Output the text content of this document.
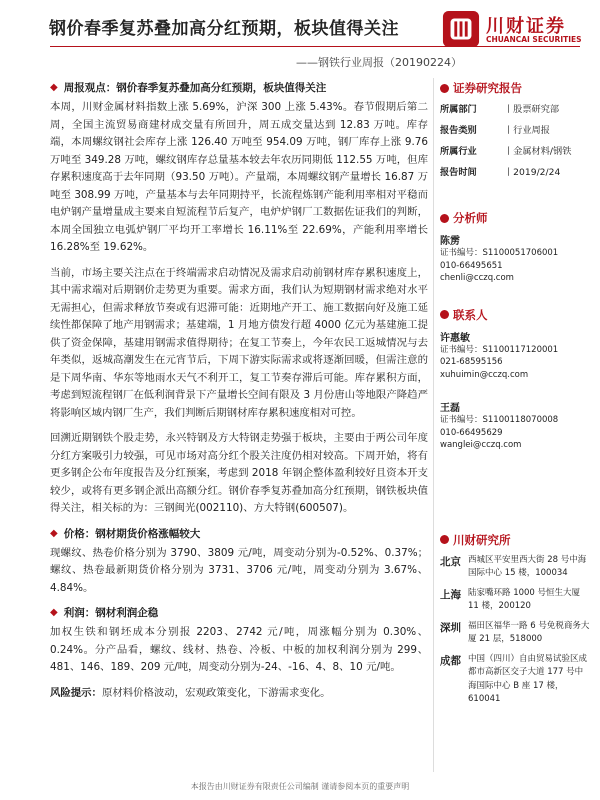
钢价春季复苏叠加高分红预期，板块值得关注
——钢铁行业周报（20190224）
川财证券
CHUANCAI SECURITIES
◆ 周报观点：钢价春季复苏叠加高分红预期，板块值得关注

本周，川财金属材料指数上涨 5.69%，沪深 300 上涨 5.43%。春节假期后第二周，全国主流贸易商建材成交量有所回升，周五成交量达到 12.83 万吨。库存端，本周螺纹钢社会库存上涨 126.40 万吨至 954.09 万吨，钢厂库存上涨 9.76 万吨至 349.28 万吨，螺纹钢库存总量基本较去年农历同期低 112.55 万吨，但库存累积速度高于去年同期（93.50 万吨）。产量端，本周螺纹钢产量增长 16.87 万吨至 308.99 万吨，产量基本与去年同期持平，长流程炼钢产能利用率相对平稳而电炉钢产量增量成主要来自短流程节后复产，电炉炉钢厂工数据佐证我们的判断，本周全国独立电弧炉钢厂平均开工率增长 16.11%至 22.69%，产能利用率增长 16.28%至 19.62%。

当前，市场主要关注点在于终端需求启动情况及需求启动前钢材库存累积速度上，其中需求端对后期钢价走势更为重要。需求方面，我们认为短期钢材需求绝对水平无需担心，但需求释放节奏或有迟滞可能：近期地产开工、施工数据向好及施工延续性都保障了地产用钢需求；基建端，1 月地方债发行超 4000 亿元为基建施工提供了资金保障，基建用钢需求值得期待；在复工节奏上，今年农民工返城情况与去年类似，返城高潮发生在元宵节后，下周下游实际需求或将逐渐回暖，但需注意的是下周华南、华东等地雨水天气不利开工，复工节奏存滞后可能。库存累积方面，考虑到短流程钢厂在低利润背景下产量增长空间有限及 3 月份唐山等地限产降趋严将影响区域内钢厂生产，我们判断后期钢材库存累积速度相对可控。

回溯近期钢铁个股走势，永兴特钢及方大特钢走势强于板块，主要由于两公司年度分红方案吸引力较强，可见市场对高分红个股关注度仍相对较高。下周开始，将有更多钢企公布年度报告及分红预案，考虑到 2018 年钢企整体盈利较好且资本开支较少，或将有更多钢企派出高额分红。钢价春季复苏叠加高分红预期，钢铁板块值得关注，相关标的为：三钢闽光(002110)、方大特钢(600507)。

◆ 价格：钢材期货价格涨幅较大

现螺纹、热卷价格分别为 3790、3809 元/吨，周变动分别为-0.52%、0.37%；螺纹、热卷最新期货价格分别为 3731、3706 元/吨，周变动分别为 3.67%、4.84%。

◆ 利润：钢材利润企稳

加权生铁和钢坯成本分别报 2203、2742 元/吨，周涨幅分别为 0.30%、0.24%。分产品看，螺纹、线材、热卷、冷板、中板的加权利润分别为 299、481、146、189、209 元/吨，周变动分别为-24、-16、4、8、10 元/吨。

风险提示：原材料价格波动，宏观政策变化，下游需求变化。

证券研究报告
所属部门	丨股票研究部
报告类别	丨行业周报
所属行业	丨金属材料/钢铁
报告时间	丨2019/2/24
分析师
陈雳
证书编号：S1100051706001
010-66495651
chenli@cczq.com
联系人
许惠敏
证书编号：S1100117120001
021-68595156
xuhuimin@cczq.com
王磊
证书编号：S1100118070008
010-66495629
wanglei@cczq.com
川财研究所
北京 西城区平安里西大街 28 号中海国际中心 15 楼，100034
上海 陆家嘴环路 1000 号恒生大厦 11 楼，200120
深圳 福田区福华一路 6 号免税商务大厦 21 层，518000
成都 中国（四川）自由贸易试验区成都市高新区交子大道 177 号中海国际中心 B 座 17 楼，610041
本报告由川财证券有限责任公司编制 谨请参阅本页的重要声明
